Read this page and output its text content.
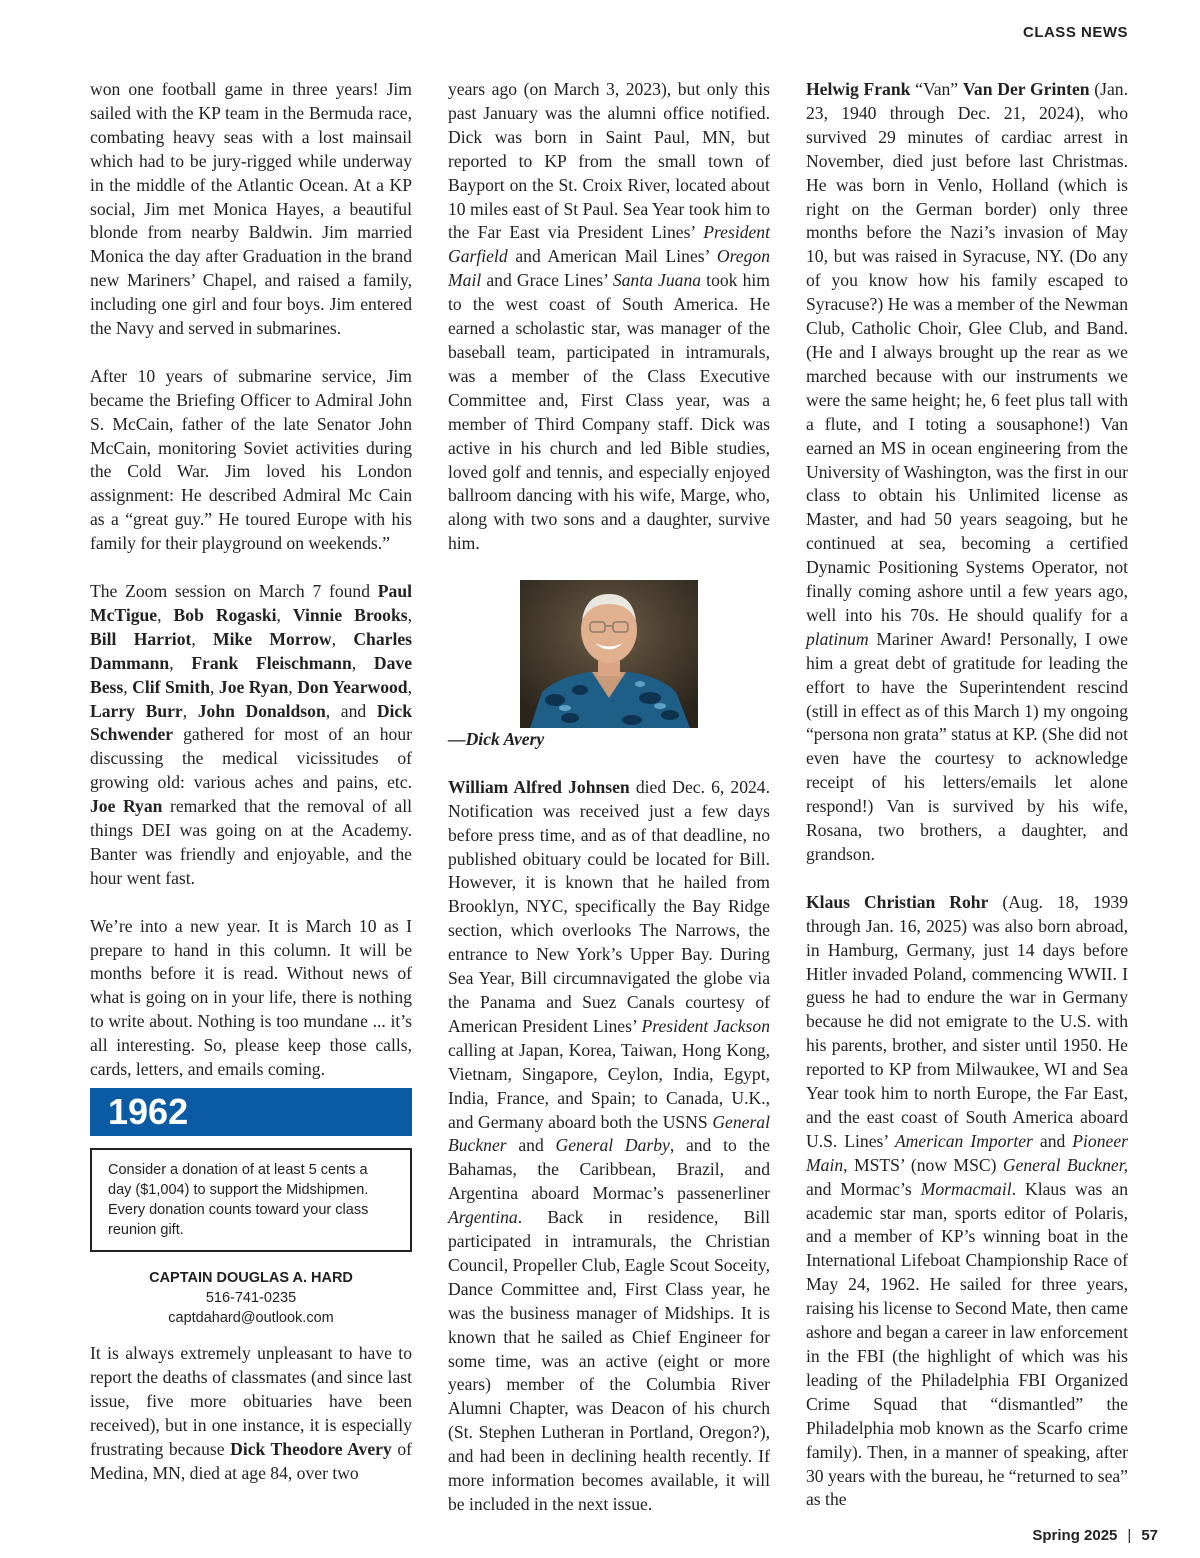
CLASS NEWS

won one football game in three years! Jim sailed with the KP team in the Bermuda race, combating heavy seas with a lost mainsail which had to be jury-rigged while underway in the middle of the Atlantic Ocean. At a KP social, Jim met Monica Hayes, a beautiful blonde from nearby Baldwin. Jim married Monica the day after Graduation in the brand new Mariners’ Chapel, and raised a family, including one girl and four boys. Jim entered the Navy and served in submarines.

After 10 years of submarine service, Jim became the Briefing Officer to Admiral John S. McCain, father of the late Senator John McCain, monitoring Soviet activities during the Cold War. Jim loved his London assignment: He described Admiral Mc Cain as a “great guy.” He toured Europe with his family for their playground on weekends.”

The Zoom session on March 7 found Paul McTigue, Bob Rogaski, Vinnie Brooks, Bill Harriot, Mike Morrow, Charles Dammann, Frank Fleischmann, Dave Bess, Clif Smith, Joe Ryan, Don Yearwood, Larry Burr, John Donaldson, and Dick Schwender gathered for most of an hour discussing the medical vicissitudes of growing old: various aches and pains, etc. Joe Ryan remarked that the removal of all things DEI was going on at the Academy. Banter was friendly and enjoyable, and the hour went fast.

We’re into a new year. It is March 10 as I prepare to hand in this column. It will be months before it is read. Without news of what is going on in your life, there is nothing to write about. Nothing is too mundane ... it’s all interesting. So, please keep those calls, cards, letters, and emails coming.

1962
Consider a donation of at least 5 cents a day ($1,004) to support the Midshipmen. Every donation counts toward your class reunion gift.
CAPTAIN DOUGLAS A. HARD
516-741-0235
captdahard@outlook.com

It is always extremely unpleasant to have to report the deaths of classmates (and since last issue, five more obituaries have been received), but in one instance, it is especially frustrating because Dick Theodore Avery of Medina, MN, died at age 84, over two

years ago (on March 3, 2023), but only this past January was the alumni office notified. Dick was born in Saint Paul, MN, but reported to KP from the small town of Bayport on the St. Croix River, located about 10 miles east of St Paul. Sea Year took him to the Far East via President Lines’ President Garfield and American Mail Lines’ Oregon Mail and Grace Lines’ Santa Juana took him to the west coast of South America. He earned a scholastic star, was manager of the baseball team, participated in intramurals, was a member of the Class Executive Committee and, First Class year, was a member of Third Company staff. Dick was active in his church and led Bible studies, loved golf and tennis, and especially enjoyed ballroom dancing with his wife, Marge, who, along with two sons and a daughter, survive him.

—Dick Avery

William Alfred Johnsen died Dec. 6, 2024. Notification was received just a few days before press time, and as of that deadline, no published obituary could be located for Bill. However, it is known that he hailed from Brooklyn, NYC, specifically the Bay Ridge section, which overlooks The Narrows, the entrance to New York’s Upper Bay. During Sea Year, Bill circumnavigated the globe via the Panama and Suez Canals courtesy of American President Lines’ President Jackson calling at Japan, Korea, Taiwan, Hong Kong, Vietnam, Singapore, Ceylon, India, Egypt, India, France, and Spain; to Canada, U.K., and Germany aboard both the USNS General Buckner and General Darby, and to the Bahamas, the Caribbean, Brazil, and Argentina aboard Mormac’s passenerliner Argentina. Back in residence, Bill participated in intramurals, the Christian Council, Propeller Club, Eagle Scout Soceity, Dance Committee and, First Class year, he was the business manager of Midships. It is known that he sailed as Chief Engineer for some time, was an active (eight or more years) member of the Columbia River Alumni Chapter, was Deacon of his church (St. Stephen Lutheran in Portland, Oregon?), and had been in declining health recently. If more information becomes available, it will be included in the next issue.

Helwig Frank “Van” Van Der Grinten (Jan. 23, 1940 through Dec. 21, 2024), who survived 29 minutes of cardiac arrest in November, died just before last Christmas. He was born in Venlo, Holland (which is right on the German border) only three months before the Nazi’s invasion of May 10, but was raised in Syracuse, NY. (Do any of you know how his family escaped to Syracuse?) He was a member of the Newman Club, Catholic Choir, Glee Club, and Band. (He and I always brought up the rear as we marched because with our instruments we were the same height; he, 6 feet plus tall with a flute, and I toting a sousaphone!) Van earned an MS in ocean engineering from the University of Washington, was the first in our class to obtain his Unlimited license as Master, and had 50 years seagoing, but he continued at sea, becoming a certified Dynamic Positioning Systems Operator, not finally coming ashore until a few years ago, well into his 70s. He should qualify for a platinum Mariner Award! Personally, I owe him a great debt of gratitude for leading the effort to have the Superintendent rescind (still in effect as of this March 1) my ongoing “persona non grata” status at KP. (She did not even have the courtesy to acknowledge receipt of his letters/emails let alone respond!) Van is survived by his wife, Rosana, two brothers, a daughter, and grandson.

Klaus Christian Rohr (Aug. 18, 1939 through Jan. 16, 2025) was also born abroad, in Hamburg, Germany, just 14 days before Hitler invaded Poland, commencing WWII. I guess he had to endure the war in Germany because he did not emigrate to the U.S. with his parents, brother, and sister until 1950. He reported to KP from Milwaukee, WI and Sea Year took him to north Europe, the Far East, and the east coast of South America aboard U.S. Lines’ American Importer and Pioneer Main, MSTS’ (now MSC) General Buckner, and Mormac’s Mormacmail. Klaus was an academic star man, sports editor of Polaris, and a member of KP’s winning boat in the International Lifeboat Championship Race of May 24, 1962. He sailed for three years, raising his license to Second Mate, then came ashore and began a career in law enforcement in the FBI (the highlight of which was his leading of the Philadelphia FBI Organized Crime Squad that “dismantled” the Philadelphia mob known as the Scarfo crime family). Then, in a manner of speaking, after 30 years with the bureau, he “returned to sea” as the

Spring 2025 | 57
